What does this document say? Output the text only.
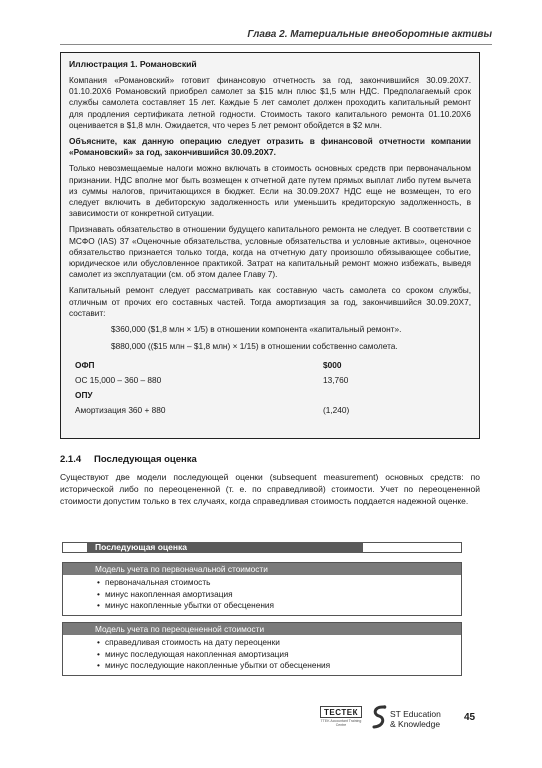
Глава 2. Материальные внеоборотные активы
Иллюстрация 1. Романовский

Компания «Романовский» готовит финансовую отчетность за год, закончившийся 30.09.20Х7. 01.10.20Х6 Романовский приобрел самолет за $15 млн плюс $1,5 млн НДС. Предполагаемый срок службы самолета составляет 15 лет. Каждые 5 лет самолет должен проходить капитальный ремонт для продления сертификата летной годности. Стоимость такого капитального ремонта 01.10.20Х6 оценивается в $1,8 млн. Ожидается, что через 5 лет ремонт обойдется в $2 млн.

Объясните, как данную операцию следует отразить в финансовой отчетности компании «Романовский» за год, закончившийся 30.09.20Х7.

Только невозмещаемые налоги можно включать в стоимость основных средств при первоначальном признании. НДС вполне мог быть возмещен к отчетной дате путем прямых выплат либо путем вычета из суммы налогов, причитающихся в бюджет. Если на 30.09.20Х7 НДС еще не возмещен, то его следует включить в дебиторскую задолженность или уменьшить кредиторскую задолженность, в зависимости от конкретной ситуации.

Признавать обязательство в отношении будущего капитального ремонта не следует. В соответствии с МСФО (IAS) 37 «Оценочные обязательства, условные обязательства и условные активы», оценочное обязательство признается только тогда, когда на отчетную дату произошло обязывающее событие, юридическое или обусловленное практикой. Затрат на капитальный ремонт можно избежать, выведя самолет из эксплуатации (см. об этом далее Главу 7).

Капитальный ремонт следует рассматривать как составную часть самолета со сроком службы, отличным от прочих его составных частей. Тогда амортизация за год, закончившийся 30.09.20Х7, составит:

$360,000 ($1,8 млн × 1/5) в отношении компонента «капитальный ремонт».

$880,000 (($15 млн – $1,8 млн) × 1/15) в отношении собственно самолета.

ОФП	$000
ОС 15,000 – 360 – 880	13,760
ОПУ
Амортизация 360 + 880	(1,240)
2.1.4 Последующая оценка

Существуют две модели последующей оценки (subsequent measurement) основных средств: по исторической либо по переоцененной (т. е. по справедливой) стоимости. Учет по переоцененной стоимости допустим только в тех случаях, когда справедливая стоимость поддается надежной оценке.

Последующая оценка
Модель учета по первоначальной стоимости
• первоначальная стоимость
• минус накопленная амортизация
• минус накопленные убытки от обесценения
Модель учета по переоцененной стоимости
• справедливая стоимость на дату переоценки
• минус последующая накопленная амортизация
• минус последующие накопленные убытки от обесценения
ТЕСТЕК
TTEK Accountant Training Centre
ST Education
& Knowledge
45
